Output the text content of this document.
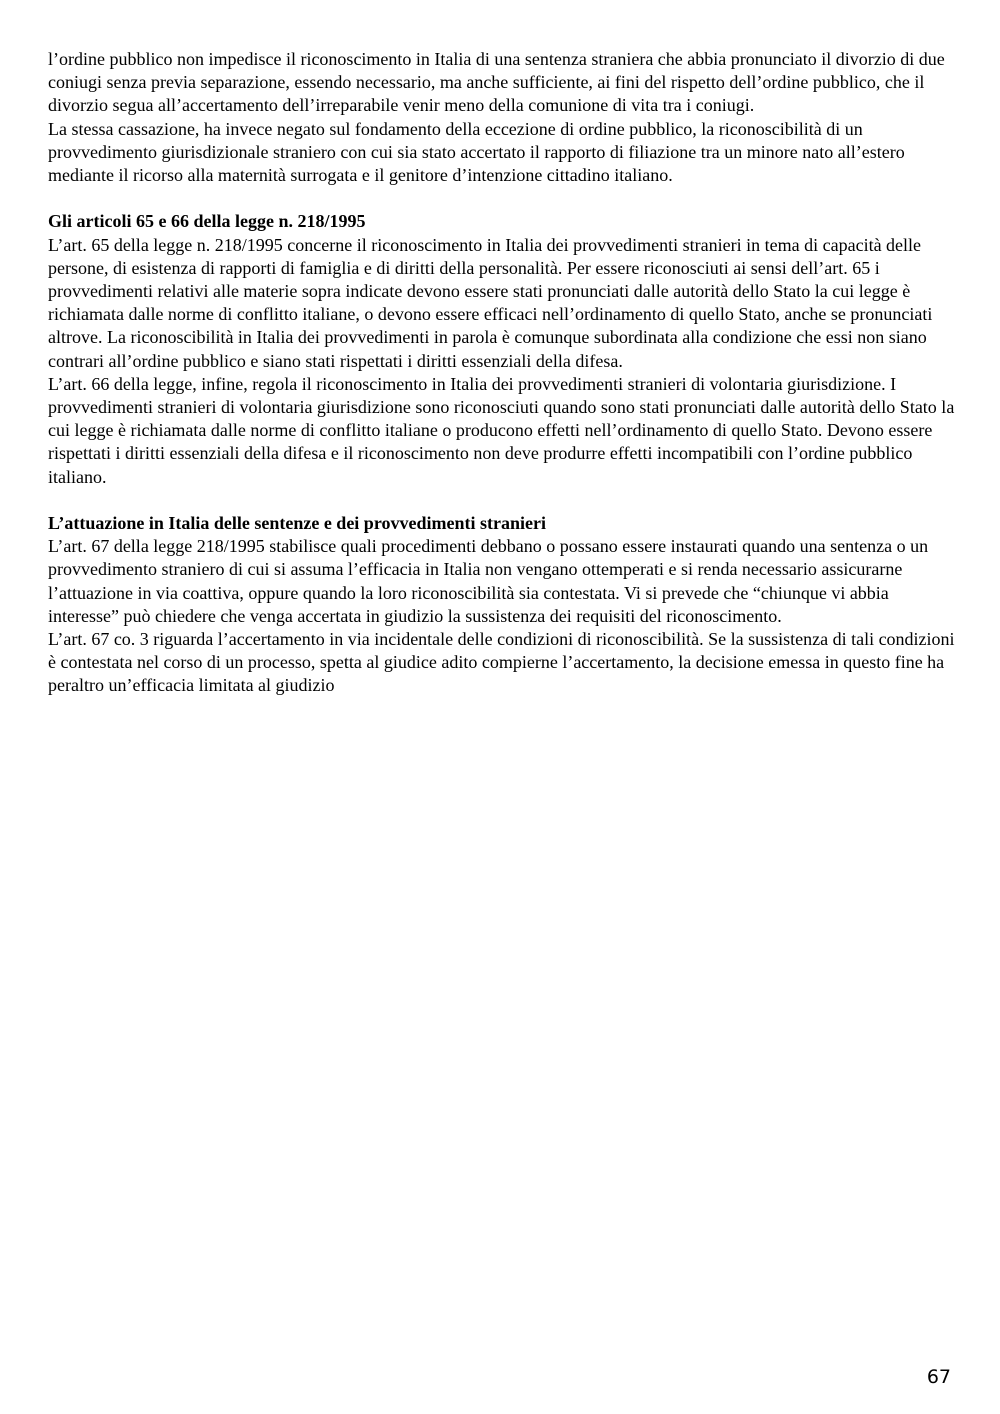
l’ordine pubblico non impedisce il riconoscimento in Italia di una sentenza straniera che abbia pronunciato il divorzio di due coniugi senza previa separazione, essendo necessario, ma anche sufficiente, ai fini del rispetto dell’ordine pubblico, che il divorzio segua all’accertamento dell’irreparabile venir meno della comunione di vita tra i coniugi.

La stessa cassazione, ha invece negato sul fondamento della eccezione di ordine pubblico, la riconoscibilità di un provvedimento giurisdizionale straniero con cui sia stato accertato il rapporto di filiazione tra un minore nato all’estero mediante il ricorso alla maternità surrogata e il genitore d’intenzione cittadino italiano.

Gli articoli 65 e 66 della legge n. 218/1995

L’art. 65 della legge n. 218/1995 concerne il riconoscimento in Italia dei provvedimenti stranieri in tema di capacità delle persone, di esistenza di rapporti di famiglia e di diritti della personalità. Per essere riconosciuti ai sensi dell’art. 65 i provvedimenti relativi alle materie sopra indicate devono essere stati pronunciati dalle autorità dello Stato la cui legge è richiamata dalle norme di conflitto italiane, o devono essere efficaci nell’ordinamento di quello Stato, anche se pronunciati altrove. La riconoscibilità in Italia dei provvedimenti in parola è comunque subordinata alla condizione che essi non siano contrari all’ordine pubblico e siano stati rispettati i diritti essenziali della difesa.

L’art. 66 della legge, infine, regola il riconoscimento in Italia dei provvedimenti stranieri di volontaria giurisdizione. I provvedimenti stranieri di volontaria giurisdizione sono riconosciuti quando sono stati pronunciati dalle autorità dello Stato la cui legge è richiamata dalle norme di conflitto italiane o producono effetti nell’ordinamento di quello Stato. Devono essere rispettati i diritti essenziali della difesa e il riconoscimento non deve produrre effetti incompatibili con l’ordine pubblico italiano.

L’attuazione in Italia delle sentenze e dei provvedimenti stranieri

L’art. 67 della legge 218/1995 stabilisce quali procedimenti debbano o possano essere instaurati quando una sentenza o un provvedimento straniero di cui si assuma l’efficacia in Italia non vengano ottemperati e si renda necessario assicurarne l’attuazione in via coattiva, oppure quando la loro riconoscibilità sia contestata. Vi si prevede che “chiunque vi abbia interesse” può chiedere che venga accertata in giudizio la sussistenza dei requisiti del riconoscimento.

L’art. 67 co. 3 riguarda l’accertamento in via incidentale delle condizioni di riconoscibilità. Se la sussistenza di tali condizioni è contestata nel corso di un processo, spetta al giudice adito compierne l’accertamento, la decisione emessa in questo fine ha peraltro un’efficacia limitata al giudizio

67
